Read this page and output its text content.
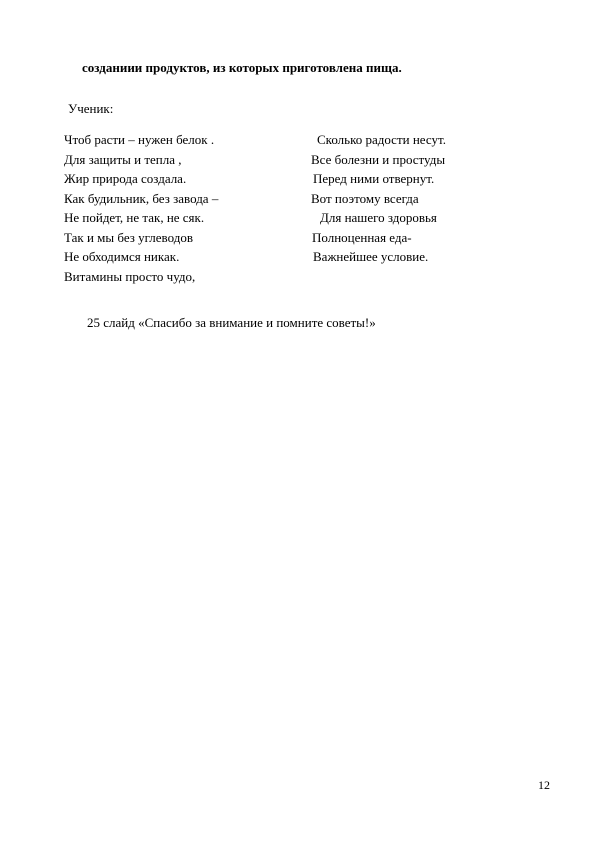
созданиии продуктов, из которых приготовлена пища.
Ученик:
Чтоб расти – нужен белок .
Для защиты и тепла ,
Жир природа создала.
Как будильник, без завода –
Не пойдет, не так, не сяк.
Так и мы без углеводов
Не обходимся никак.
Витамины просто чудо,
Сколько радости несут.
Все болезни и простуды
Перед ними отвернут.
Вот поэтому всегда
Для нашего здоровья
Полноценная еда-
Важнейшее условие.
25 слайд «Спасибо за внимание и помните советы!»
12
